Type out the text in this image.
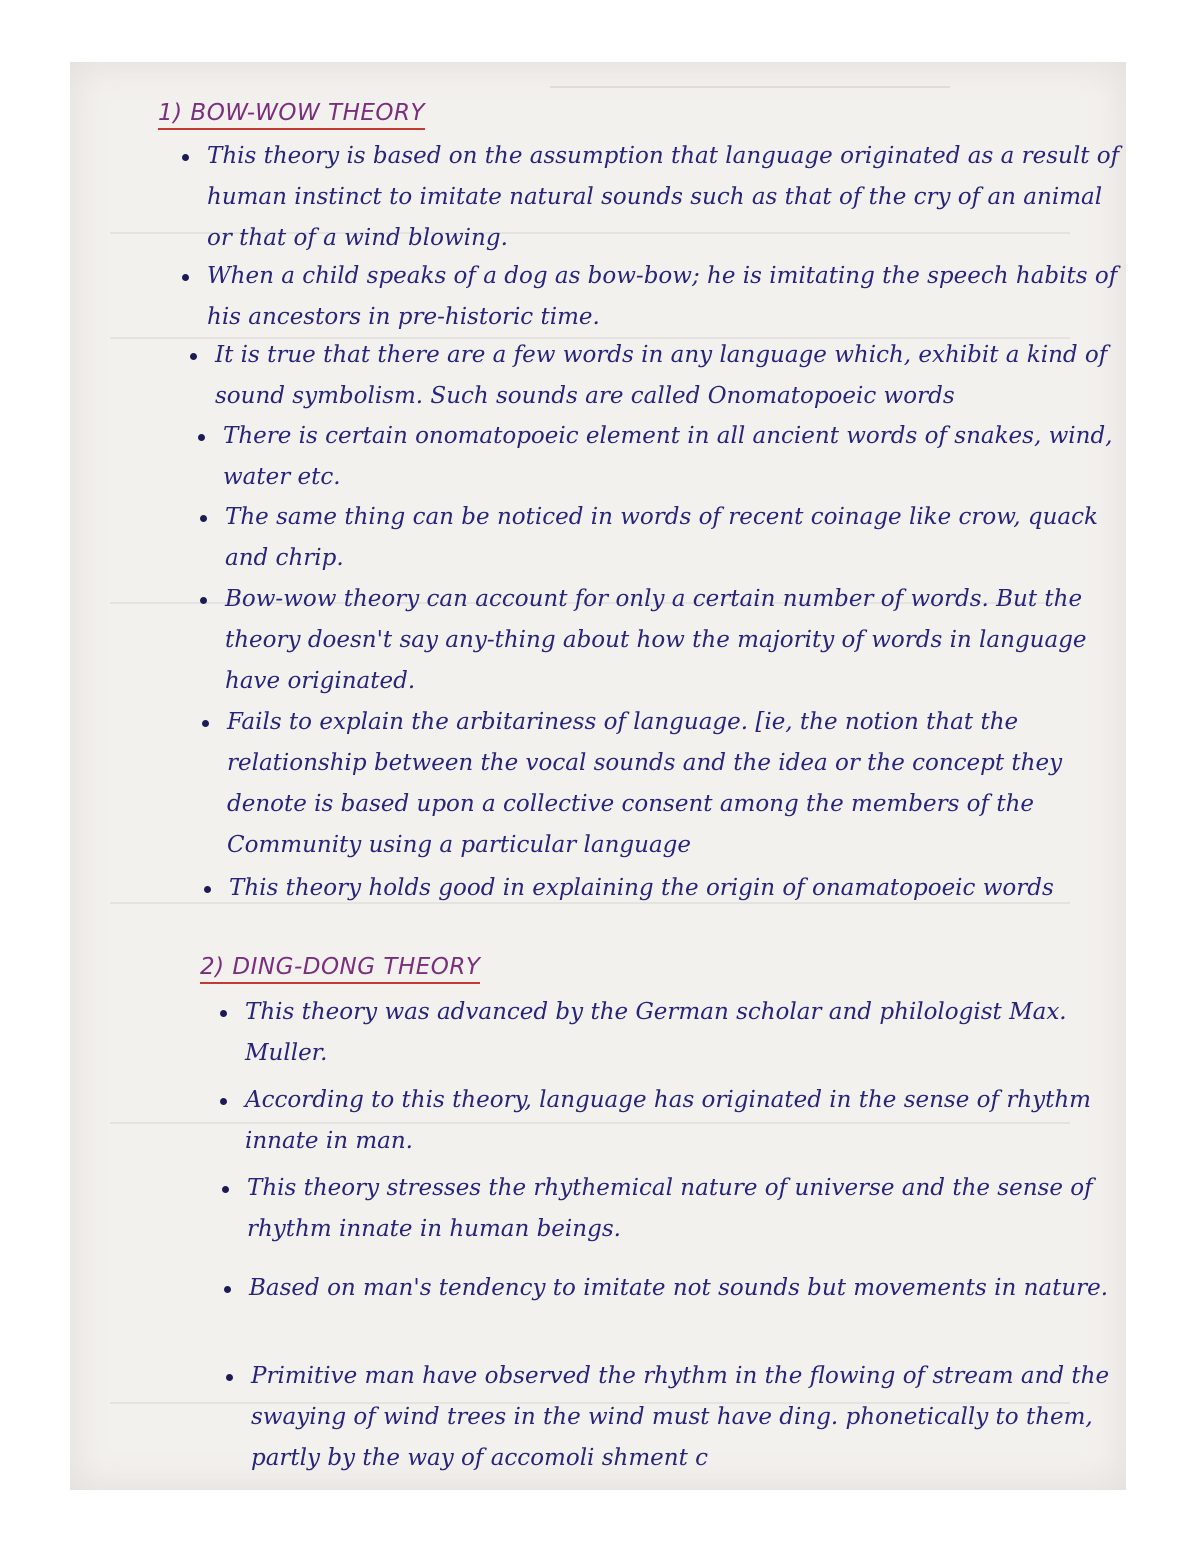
1) BOW-WOW THEORY
This theory is based on the assumption that language originated as a result of human instinct to imitate natural sounds such as that of the cry of an animal or that of a wind blowing.
When a child speaks of a dog as bow-bow; he is imitating the speech habits of his ancestors in pre-historic time.
It is true that there are a few words in any language which, exhibit a kind of sound symbolism. Such sounds are called Onomatopoeic words
There is certain onomatopoeic element in all ancient words of snakes, wind, water etc.
The same thing can be noticed in words of recent coinage like crow, quack and chrip.
Bow-wow theory can account for only a certain number of words. But the theory doesn't say any-thing about how the majority of words in language have originated.
Fails to explain the arbitariness of language. [ie, the notion that the relationship between the vocal sounds and the idea or the concept they denote is based upon a collective consent among the members of the Community using a particular language
This theory holds good in explaining the origin of onamatopoeic words
2) DING-DONG THEORY
This theory was advanced by the German scholar and philologist Max. Muller.
According to this theory, language has originated in the sense of rhythm innate in man.
This theory stresses the rhythemical nature of universe and the sense of rhythm innate in human beings.
Based on man's tendency to imitate not sounds but movements in nature.
Primitive man have observed the rhythm in the flowing of stream and the swaying of wind trees in the wind must have ding. phonetically to them, partly by the way of accomoli shment c
